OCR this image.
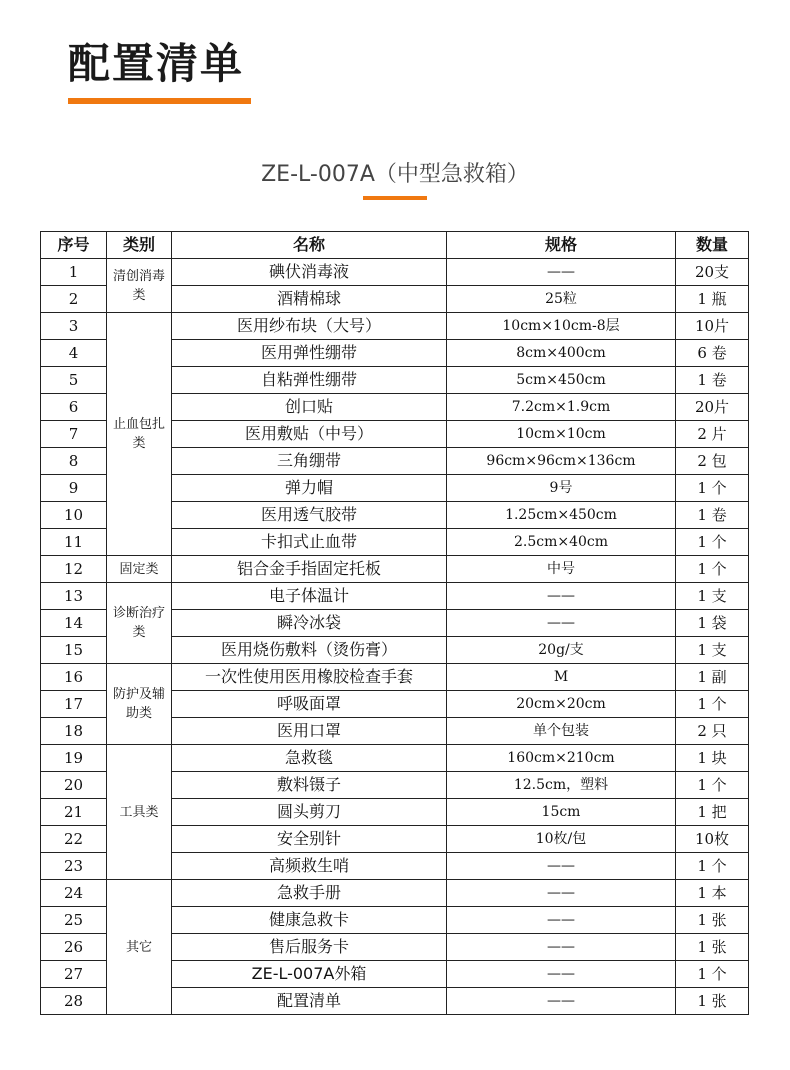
配置清单
ZE-L-007A（中型急救箱）
序号	类别	名称	规格	数量
1	清创消毒类	碘伏消毒液	——	20支
2		酒精棉球	25粒	1 瓶
3	止血包扎类	医用纱布块（大号）	10cm×10cm-8层	10片
4		医用弹性绷带	8cm×400cm	6 卷
5		自粘弹性绷带	5cm×450cm	1 卷
6		创口贴	7.2cm×1.9cm	20片
7		医用敷贴（中号）	10cm×10cm	2 片
8		三角绷带	96cm×96cm×136cm	2 包
9		弹力帽	9号	1 个
10		医用透气胶带	1.25cm×450cm	1 卷
11		卡扣式止血带	2.5cm×40cm	1 个
12	固定类	铝合金手指固定托板	中号	1 个
13	诊断治疗类	电子体温计	——	1 支
14		瞬冷冰袋	——	1 袋
15		医用烧伤敷料（烫伤膏）	20g/支	1 支
16	防护及辅助类	一次性使用医用橡胶检查手套	M	1 副
17		呼吸面罩	20cm×20cm	1 个
18		医用口罩	单个包装	2 只
19	工具类	急救毯	160cm×210cm	1 块
20		敷料镊子	12.5cm，塑料	1 个
21		圆头剪刀	15cm	1 把
22		安全别针	10枚/包	10枚
23		高频救生哨	——	1 个
24	其它	急救手册	——	1 本
25		健康急救卡	——	1 张
26		售后服务卡	——	1 张
27		ZE-L-007A外箱	——	1 个
28		配置清单	——	1 张
